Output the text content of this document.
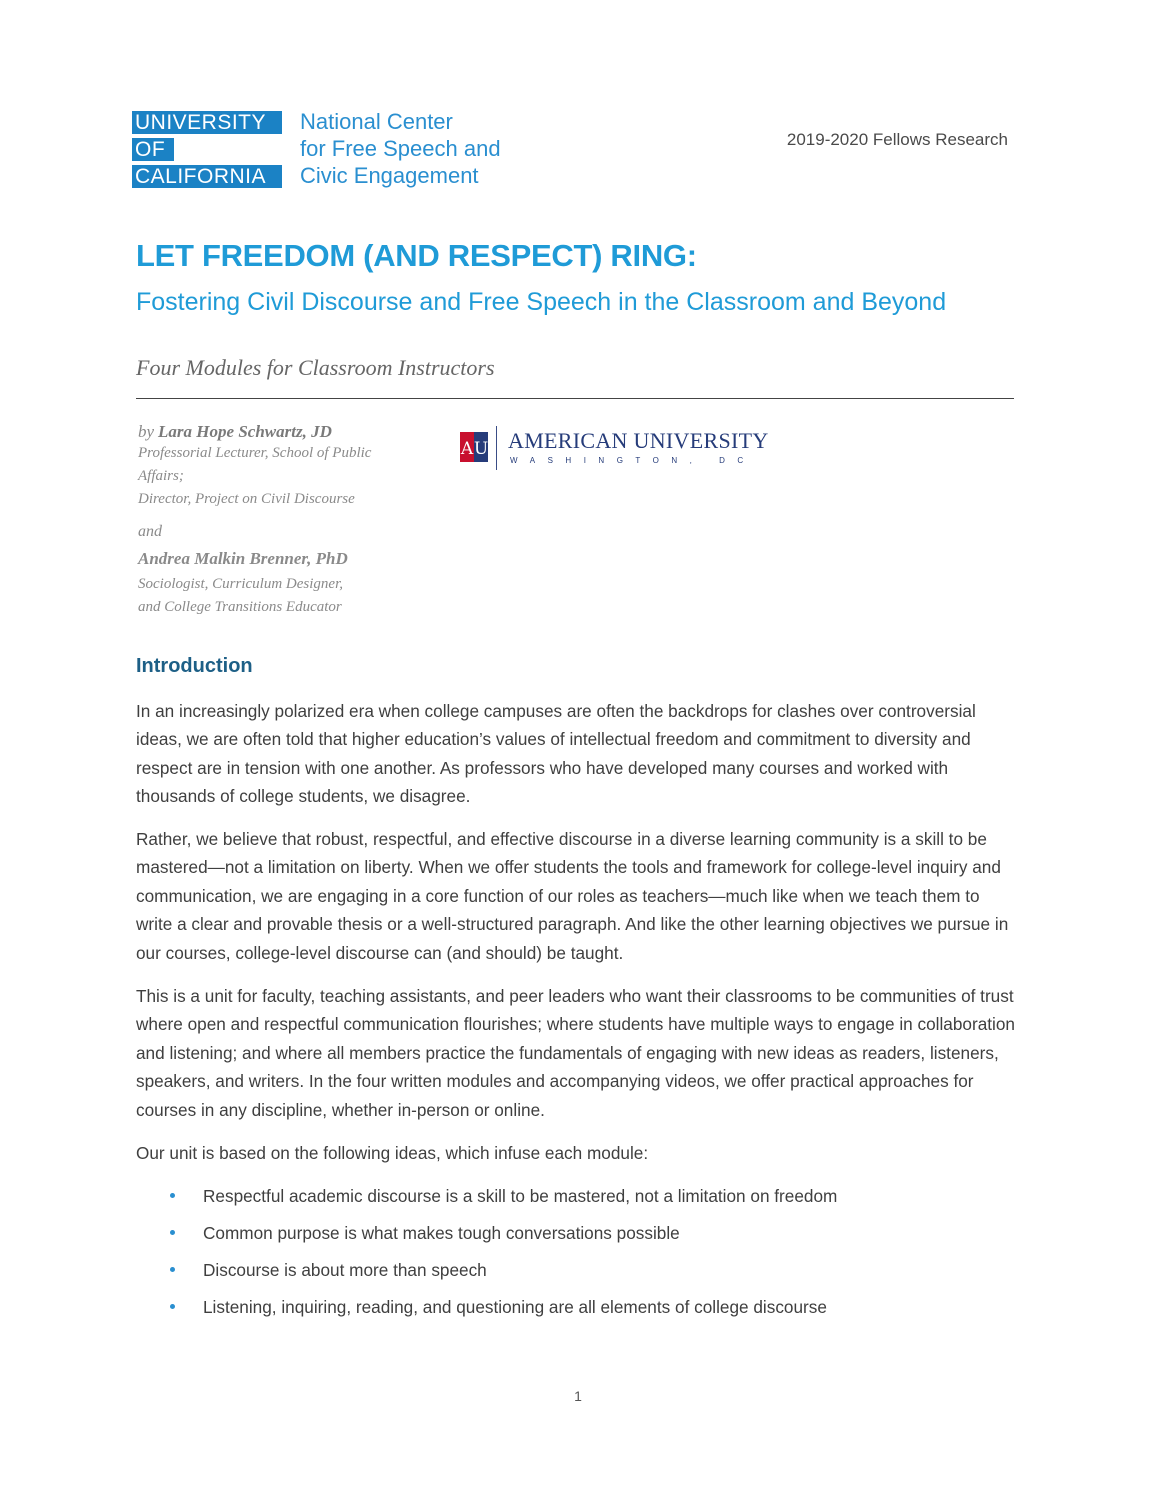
UNIVERSITY
OF
CALIFORNIA
National Center
for Free Speech and
Civic Engagement
2019-2020 Fellows Research
LET FREEDOM (AND RESPECT) RING:
Fostering Civil Discourse and Free Speech in the Classroom and Beyond
Four Modules for Classroom Instructors
by Lara Hope Schwartz, JD
Professorial Lecturer, School of Public
Affairs;
Director, Project on Civil Discourse
and
Andrea Malkin Brenner, PhD
Sociologist, Curriculum Designer,
and College Transitions Educator
A U AMERICAN UNIVERSITY
WASHINGTON, DC
Introduction
In an increasingly polarized era when college campuses are often the backdrops for clashes over controversial ideas, we are often told that higher education’s values of intellectual freedom and commitment to diversity and respect are in tension with one another. As professors who have developed many courses and worked with thousands of college students, we disagree.
Rather, we believe that robust, respectful, and effective discourse in a diverse learning community is a skill to be mastered—not a limitation on liberty. When we offer students the tools and framework for college-level inquiry and communication, we are engaging in a core function of our roles as teachers—much like when we teach them to write a clear and provable thesis or a well-structured paragraph. And like the other learning objectives we pursue in our courses, college-level discourse can (and should) be taught.
This is a unit for faculty, teaching assistants, and peer leaders who want their classrooms to be communities of trust where open and respectful communication flourishes; where students have multiple ways to engage in collaboration and listening; and where all members practice the fundamentals of engaging with new ideas as readers, listeners, speakers, and writers. In the four written modules and accompanying videos, we offer practical approaches for courses in any discipline, whether in-person or online.
Our unit is based on the following ideas, which infuse each module:
Respectful academic discourse is a skill to be mastered, not a limitation on freedom
Common purpose is what makes tough conversations possible
Discourse is about more than speech
Listening, inquiring, reading, and questioning are all elements of college discourse
1
